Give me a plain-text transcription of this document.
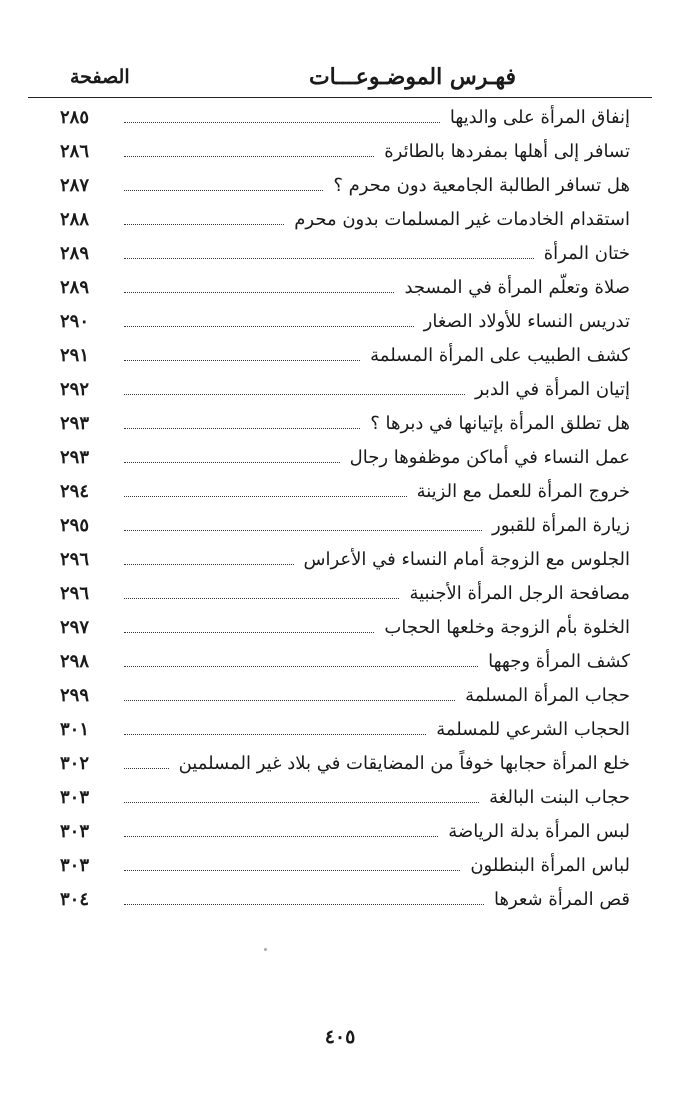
فهـرس الموضـوعـــات
الصفحة
إنفاق المرأة على والديها
٢٨٥
تسافر إلى أهلها بمفردها بالطائرة
٢٨٦
هل تسافر الطالبة الجامعية دون محرم ؟
٢٨٧
استقدام الخادمات غير المسلمات بدون محرم
٢٨٨
ختان المرأة
٢٨٩
صلاة وتعلّم المرأة في المسجد
٢٨٩
تدريس النساء للأولاد الصغار
٢٩٠
كشف الطبيب على المرأة المسلمة
٢٩١
إتيان المرأة في الدبر
٢٩٢
هل تطلق المرأة بإتيانها في دبرها ؟
٢٩٣
عمل النساء في أماكن موظفوها رجال
٢٩٣
خروج المرأة للعمل مع الزينة
٢٩٤
زيارة المرأة للقبور
٢٩٥
الجلوس مع الزوجة أمام النساء في الأعراس
٢٩٦
مصافحة الرجل المرأة الأجنبية
٢٩٦
الخلوة بأم الزوجة وخلعها الحجاب
٢٩٧
كشف المرأة وجهها
٢٩٨
حجاب المرأة المسلمة
٢٩٩
الحجاب الشرعي للمسلمة
٣٠١
خلع المرأة حجابها خوفاً من المضايقات في بلاد غير المسلمين
٣٠٢
حجاب البنت البالغة
٣٠٣
لبس المرأة بدلة الرياضة
٣٠٣
لباس المرأة البنطلون
٣٠٣
قص المرأة شعرها
٣٠٤
٤٠٥
